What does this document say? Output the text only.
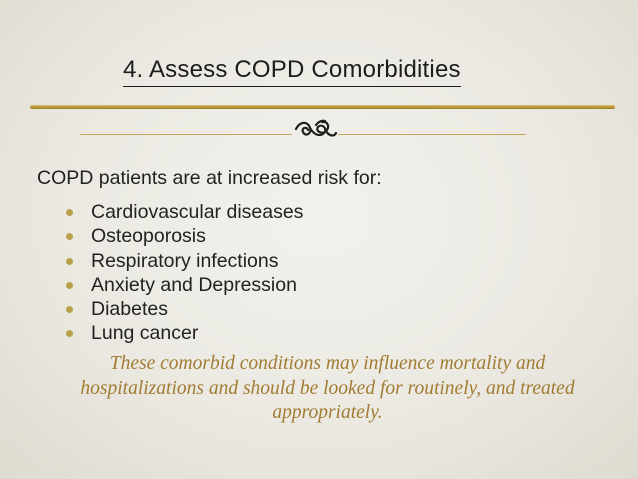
4. Assess COPD Comorbidities
COPD patients are at increased risk for:
Cardiovascular diseases
Osteoporosis
Respiratory infections
Anxiety and Depression
Diabetes
Lung cancer
These comorbid conditions may influence mortality and hospitalizations and should be looked for routinely, and treated appropriately.
